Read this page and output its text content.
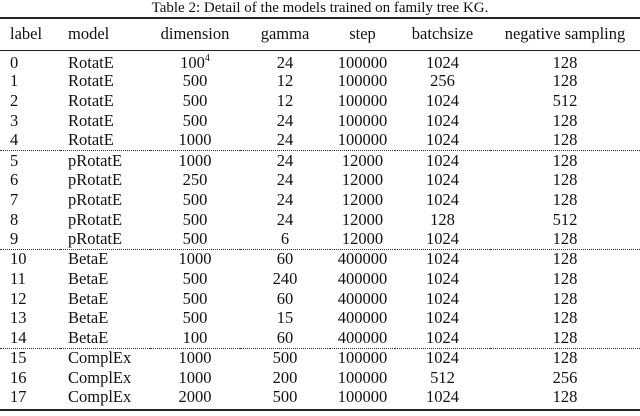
Table 2: Detail of the models trained on family tree KG.
label	model	dimension	gamma	step	batchsize	negative sampling
0	RotatE	$100^4$	24	100000	1024	128
1	RotatE	500	12	100000	256	128
2	RotatE	500	12	100000	1024	512
3	RotatE	500	24	100000	1024	128
4	RotatE	1000	24	100000	1024	128
5	pRotatE	1000	24	12000	1024	128
6	pRotatE	250	24	12000	1024	128
7	pRotatE	500	24	12000	1024	128
8	pRotatE	500	24	12000	128	512
9	pRotatE	500	6	12000	1024	128
10	BetaE	1000	60	400000	1024	128
11	BetaE	500	240	400000	1024	128
12	BetaE	500	60	400000	1024	128
13	BetaE	500	15	400000	1024	128
14	BetaE	100	60	400000	1024	128
15	ComplEx	1000	500	100000	1024	128
16	ComplEx	1000	200	100000	512	256
17	ComplEx	2000	500	100000	1024	128
